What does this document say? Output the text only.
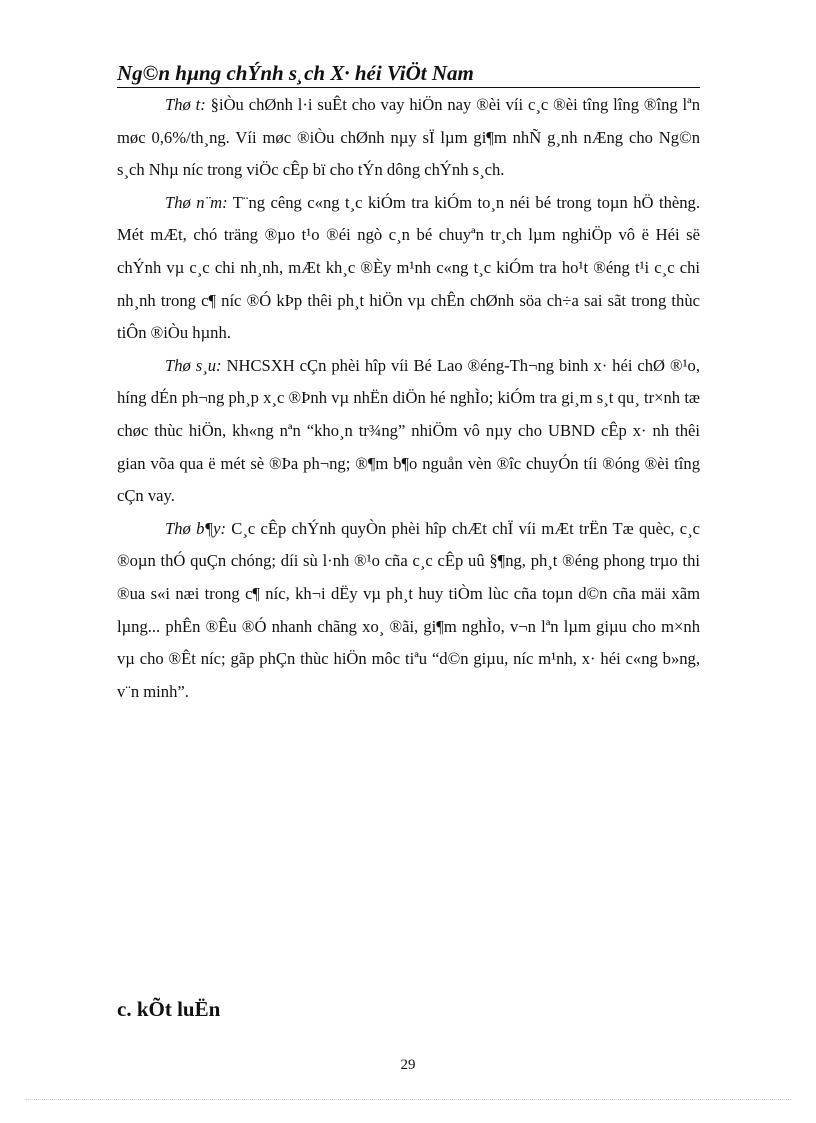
Ng©n hµng chÝnh s¸ch X· héi ViÖt Nam

Thø t: §iÒu chØnh l·i suÊt cho vay hiÖn nay ®èi víi c¸c ®èi tîng lîng ®îng lªn møc 0,6%/th¸ng. Víi møc ®iÒu chØnh nµy sÏ lµm gi¶m nhÑ g¸nh nÆng cho Ng©n s¸ch Nhµ níc trong viÖc cÊp bï cho tÝn dông chÝnh s¸ch.

Thø n¨m: T¨ng cêng c«ng t¸c kiÓm tra kiÓm to¸n néi bé trong toµn hÖ thèng. Mét mÆt, chó träng ®µo t¹o ®éi ngò c¸n bé chuyªn tr¸ch lµm nghiÖp vô ë Héi së chÝnh vµ c¸c chi nh¸nh, mÆt kh¸c ®Èy m¹nh c«ng t¸c kiÓm tra ho¹t ®éng t¹i c¸c chi nh¸nh trong c¶ níc ®Ó kÞp thêi ph¸t hiÖn vµ chÊn chØnh söa ch÷a sai sãt trong thùc tiÔn ®iÒu hµnh.

Thø s¸u: NHCSXH cÇn phèi hîp víi Bé Lao ®éng-Th¬ng binh x· héi chØ ®¹o, híng dÉn ph¬ng ph¸p x¸c ®Þnh vµ nhËn diÖn hé nghÌo; kiÓm tra gi¸m s¸t qu¸ tr×nh tæ chøc thùc hiÖn, kh«ng nªn “kho¸n tr¾ng” nhiÖm vô nµy cho UBND cÊp x· nh thêi gian võa qua ë mét sè ®Þa ph¬ng; ®¶m b¶o nguån vèn ®îc chuyÓn tíi ®óng ®èi tîng cÇn vay.

Thø b¶y: C¸c cÊp chÝnh quyÒn phèi hîp chÆt chÏ víi mÆt trËn Tæ quèc, c¸c ®oµn thÓ quÇn chóng; díi sù l·nh ®¹o cña c¸c cÊp uû §¶ng, ph¸t ®éng phong trµo thi ®ua s«i næi trong c¶ níc, kh¬i dËy vµ ph¸t huy tiÒm lùc cña toµn d©n cña mäi xãm lµng... phÊn ®Êu ®Ó nhanh chãng xo¸ ®ãi, gi¶m nghÌo, v¬n lªn lµm giµu cho m×nh vµ cho ®Êt níc; gãp phÇn thùc hiÖn môc tiªu “d©n giµu, níc m¹nh, x· héi c«ng b»ng, v¨n minh”.

c. kÕt luËn
29
